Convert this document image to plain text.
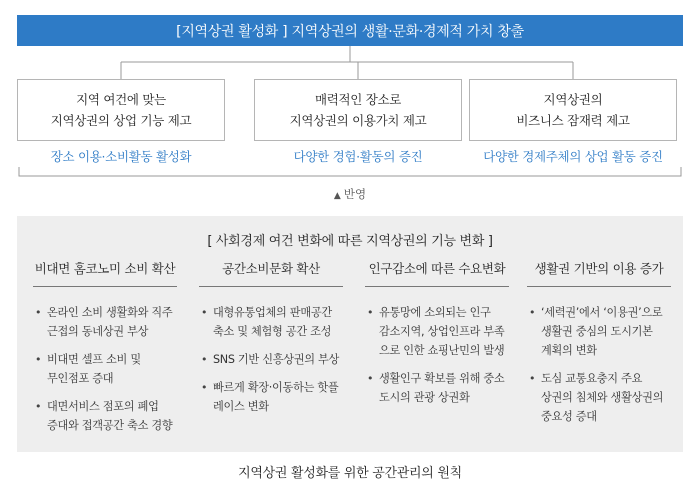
[지역상권 활성화 ] 지역상권의 생활·문화·경제적 가치 창출
지역 여건에 맞는
지역상권의 상업 기능 제고
매력적인 장소로
지역상권의 이용가치 제고
지역상권의
비즈니스 잠재력 제고
장소 이용·소비활동 활성화	다양한 경험·활동의 증진	다양한 경제주체의 상업 활동 증진
▲ 반영
[ 사회경제 여건 변화에 따른 지역상권의 기능 변화 ]
비대면 홈코노미 소비 확산
• 온라인 소비 생활화와 직주
근접의 동네상권 부상
• 비대면 셀프 소비 및
무인점포 증대
• 대면서비스 점포의 폐업
증대와 접객공간 축소 경향
공간소비문화 확산
• 대형유통업체의 판매공간
축소 및 체험형 공간 조성
• SNS 기반 신흥상권의 부상
• 빠르게 확장·이동하는 핫플
레이스 변화
인구감소에 따른 수요변화
• 유통망에 소외되는 인구
감소지역, 상업인프라 부족
으로 인한 쇼핑난민의 발생
• 생활인구 확보를 위해 중소
도시의 관광 상권화
생활권 기반의 이용 증가
• ‘세력권’에서 ‘이용권’으로
생활권 중심의 도시기본
계획의 변화
• 도심 교통요충지 주요
상권의 침체와 생활상권의
중요성 증대
지역상권 활성화를 위한 공간관리의 원칙
